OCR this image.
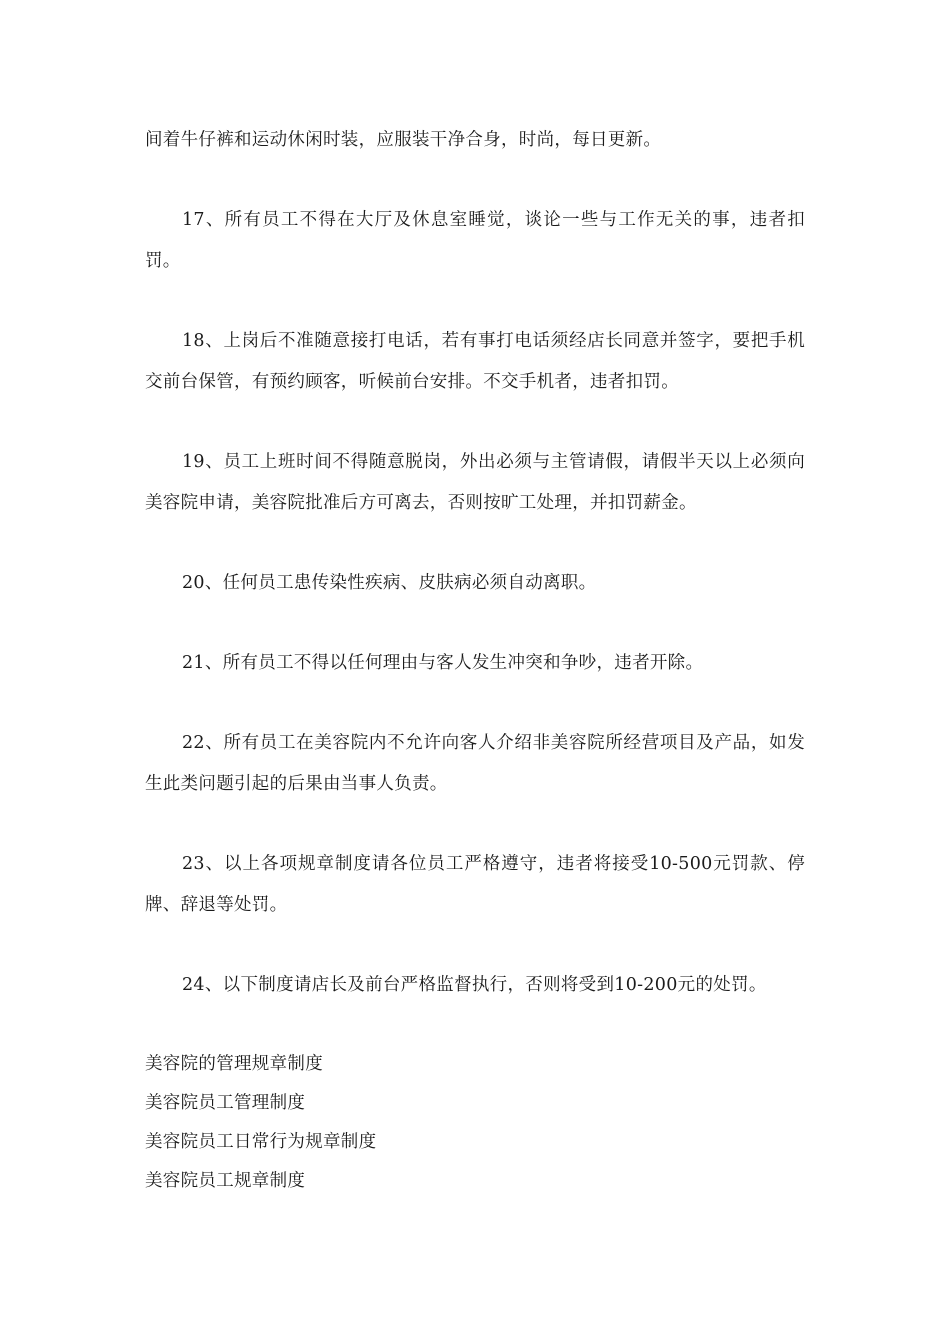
间着牛仔裤和运动休闲时装，应服装干净合身，时尚，每日更新。

17、所有员工不得在大厅及休息室睡觉，谈论一些与工作无关的事，违者扣罚。

18、上岗后不准随意接打电话，若有事打电话须经店长同意并签字，要把手机交前台保管，有预约顾客，听候前台安排。不交手机者，违者扣罚。

19、员工上班时间不得随意脱岗，外出必须与主管请假，请假半天以上必须向美容院申请，美容院批准后方可离去，否则按旷工处理，并扣罚薪金。

20、任何员工患传染性疾病、皮肤病必须自动离职。

21、所有员工不得以任何理由与客人发生冲突和争吵，违者开除。

22、所有员工在美容院内不允许向客人介绍非美容院所经营项目及产品，如发生此类问题引起的后果由当事人负责。

23、以上各项规章制度请各位员工严格遵守，违者将接受10-500元罚款、停牌、辞退等处罚。

24、以下制度请店长及前台严格监督执行，否则将受到10-200元的处罚。

美容院的管理规章制度

美容院员工管理制度

美容院员工日常行为规章制度

美容院员工规章制度
